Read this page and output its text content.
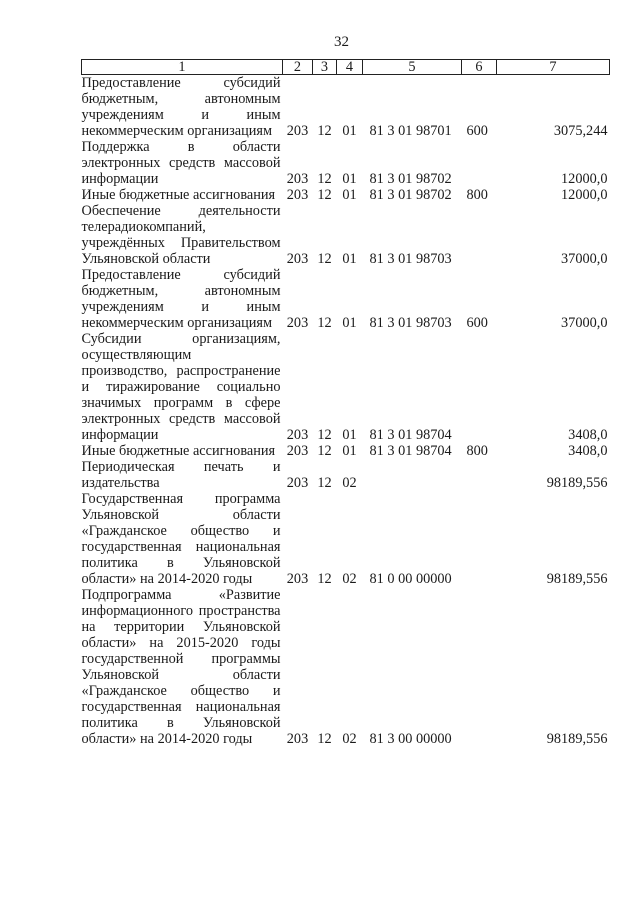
32
1	2	3	4	5	6	7
Предоставление субсидий бюджетным, автономным учреждениям и иным некоммерческим организациям	203	12	01	81 3 01 98701	600	3075,244
Поддержка в области электронных средств массовой информации	203	12	01	81 3 01 98702		12000,0
Иные бюджетные ассигнования	203	12	01	81 3 01 98702	800	12000,0
Обеспечение деятельности телерадиокомпаний, учреждённых Правительством Ульяновской области	203	12	01	81 3 01 98703		37000,0
Предоставление субсидий бюджетным, автономным учреждениям и иным некоммерческим организациям	203	12	01	81 3 01 98703	600	37000,0
Субсидии организациям, осуществляющим производство, распространение и тиражирование социально значимых программ в сфере электронных средств массовой информации	203	12	01	81 3 01 98704		3408,0
Иные бюджетные ассигнования	203	12	01	81 3 01 98704	800	3408,0
Периодическая печать и издательства	203	12	02			98189,556
Государственная программа Ульяновской области «Гражданское общество и государственная национальная политика в Ульяновской области» на 2014-2020 годы	203	12	02	81 0 00 00000		98189,556
Подпрограмма «Развитие информационного пространства на территории Ульяновской области» на 2015-2020 годы государственной программы Ульяновской области «Гражданское общество и государственная национальная политика в Ульяновской области» на 2014-2020 годы	203	12	02	81 3 00 00000		98189,556
